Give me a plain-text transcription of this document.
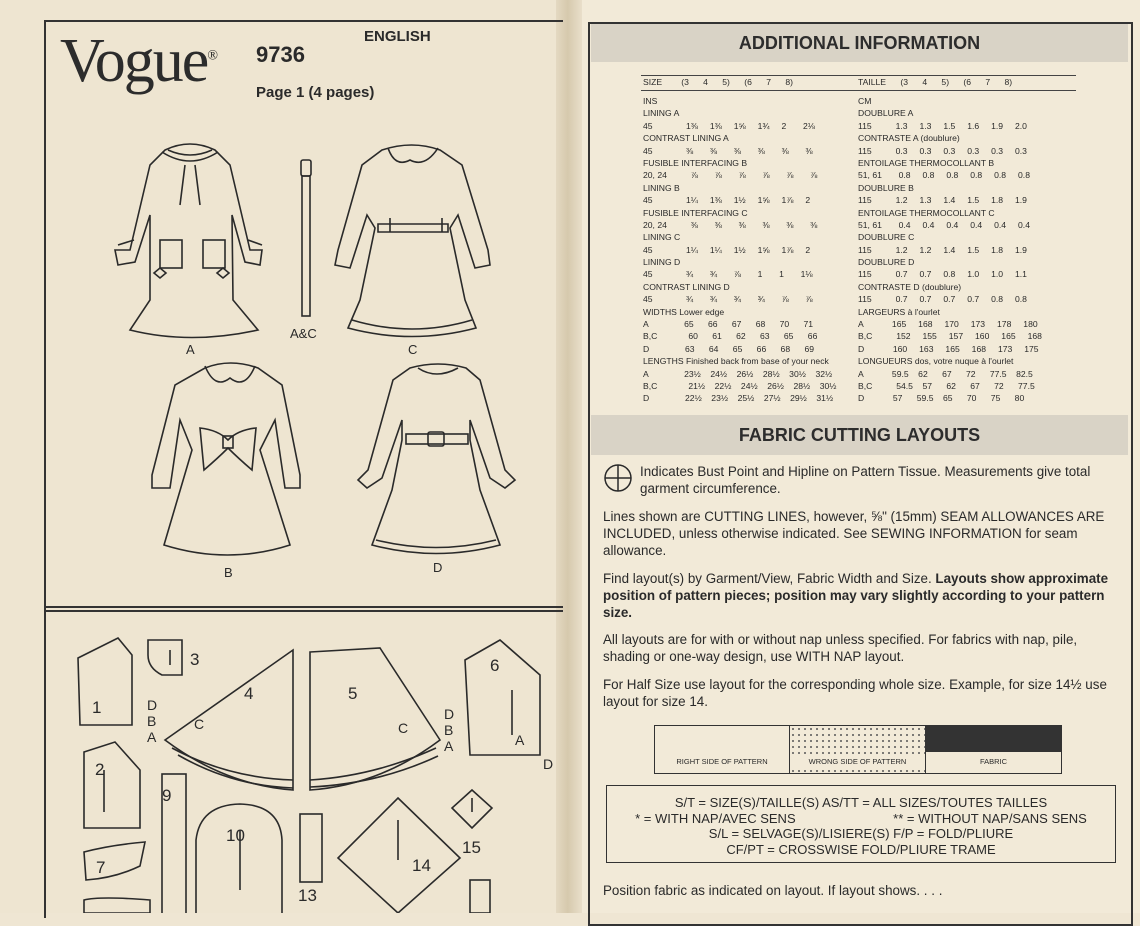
Vogue® 9736
ENGLISH
Page 1 (4 pages)
A
A&C
C
B	D
1
2
3
4	5
6
7
9
10
13
14
15
D
B
A
C	C
D
B
A	A
D
ADDITIONAL INFORMATION
SIZE        (3      4      5)      (6      7      8)	TAILLE      (3      4      5)      (6      7      8)
INS	CM
LINING A	DOUBLURE A
45              1⅜     1⅜     1⅝     1¾     2       2⅛	115          1.3     1.3     1.5     1.6     1.9     2.0
CONTRAST LINING A	CONTRASTE A (doublure)
45              ⅜       ⅜       ⅜       ⅜       ⅜       ⅜	115          0.3     0.3     0.3     0.3     0.3     0.3
FUSIBLE INTERFACING B	ENTOILAGE THERMOCOLLANT B
20, 24          ⅞       ⅞       ⅞       ⅞       ⅞       ⅞	51, 61       0.8     0.8     0.8     0.8     0.8     0.8
LINING B	DOUBLURE B
45              1¼     1⅜     1½     1⅝     1⅞     2	115          1.2     1.3     1.4     1.5     1.8     1.9
FUSIBLE INTERFACING C	ENTOILAGE THERMOCOLLANT C
20, 24          ⅜       ⅜       ⅜       ⅜       ⅜       ⅜	51, 61       0.4     0.4     0.4     0.4     0.4     0.4
LINING C	DOUBLURE C
45              1¼     1¼     1½     1⅝     1⅞     2	115          1.2     1.2     1.4     1.5     1.8     1.9
LINING D	DOUBLURE D
45              ¾       ¾       ⅞       1       1       1⅛	115          0.7     0.7     0.8     1.0     1.0     1.1
CONTRAST LINING D	CONTRASTE D (doublure)
45              ¾       ¾       ¾       ¾       ⅞       ⅞	115          0.7     0.7     0.7     0.7     0.8     0.8
WIDTHS Lower edge	LARGEURS à l'ourlet
A               65      66      67      68      70      71	A            165     168     170     173     178     180
B,C             60      61      62      63      65      66	B,C          152     155     157     160     165     168
D               63      64      65      66      68      69	D            160     163     165     168     173     175
LENGTHS Finished back from base of your neck	LONGUEURS dos, votre nuque à l'ourlet
A               23½    24½    26½    28½    30½    32½	A            59.5    62      67      72      77.5    82.5
B,C             21½    22½    24½    26½    28½    30½	B,C          54.5    57      62      67      72      77.5
D               22½    23½    25½    27½    29½    31½	D            57      59.5    65      70      75      80
FABRIC CUTTING LAYOUTS
Indicates Bust Point and Hipline on Pattern Tissue. Measurements give total garment circumference.
Lines shown are CUTTING LINES, however, ⅝" (15mm) SEAM ALLOWANCES ARE INCLUDED, unless otherwise indicated. See SEWING INFORMATION for seam allowance.
Find layout(s) by Garment/View, Fabric Width and Size. Layouts show approximate position of pattern pieces; position may vary slightly according to your pattern size.
All layouts are for with or without nap unless specified. For fabrics with nap, pile, shading or one-way design, use WITH NAP layout.
For Half Size use layout for the corresponding whole size. Example, for size 14½ use layout for size 14.
RIGHT SIDE OF PATTERN	WRONG SIDE OF PATTERN	FABRIC
S/T = SIZE(S)/TAILLE(S) AS/TT = ALL SIZES/TOUTES TAILLES
* = WITH NAP/AVEC SENS                           ** = WITHOUT NAP/SANS SENS
S/L = SELVAGE(S)/LISIERE(S) F/P = FOLD/PLIURE
CF/PT = CROSSWISE FOLD/PLIURE TRAME
Position fabric as indicated on layout. If layout shows. . . .
